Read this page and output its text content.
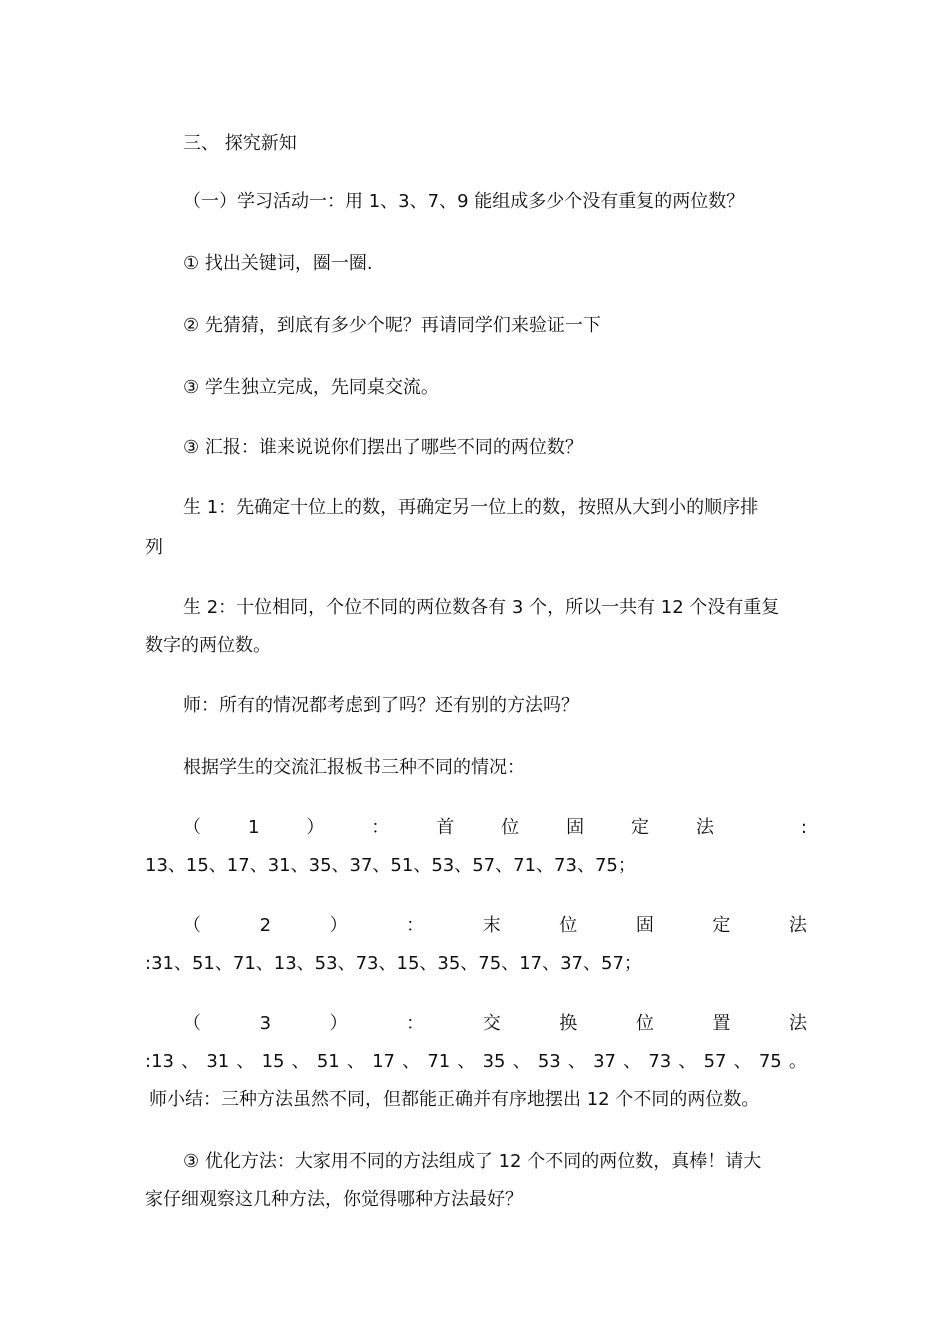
三、 探究新知
（一）学习活动一：用 1、3、7、9 能组成多少个没有重复的两位数？
① 找出关键词，圈一圈.
② 先猜猜，到底有多少个呢？再请同学们来验证一下
③ 学生独立完成，先同桌交流。
③ 汇报：谁来说说你们摆出了哪些不同的两位数？
生 1：先确定十位上的数，再确定另一位上的数，按照从大到小的顺序排
列
生 2：十位相同，个位不同的两位数各有 3 个，所以一共有 12 个没有重复
数字的两位数。
师：所有的情况都考虑到了吗？还有别的方法吗？
根据学生的交流汇报板书三种不同的情况：
（	1	）	：	首	位	固	定	法	:
13、15、17、31、35、37、51、53、57、71、73、75；
（	2	）	：	末	位	固	定	法
:31、51、71、13、53、73、15、35、75、17、37、57；
（	3	）	：	交	换	位	置	法
:13 、 31 、 15 、 51 、 17 、 71 、 35 、 53 、 37 、 73 、 57 、 75 。
师小结：三种方法虽然不同，但都能正确并有序地摆出 12 个不同的两位数。
③ 优化方法：大家用不同的方法组成了 12 个不同的两位数，真棒！请大
家仔细观察这几种方法，你觉得哪种方法最好？
